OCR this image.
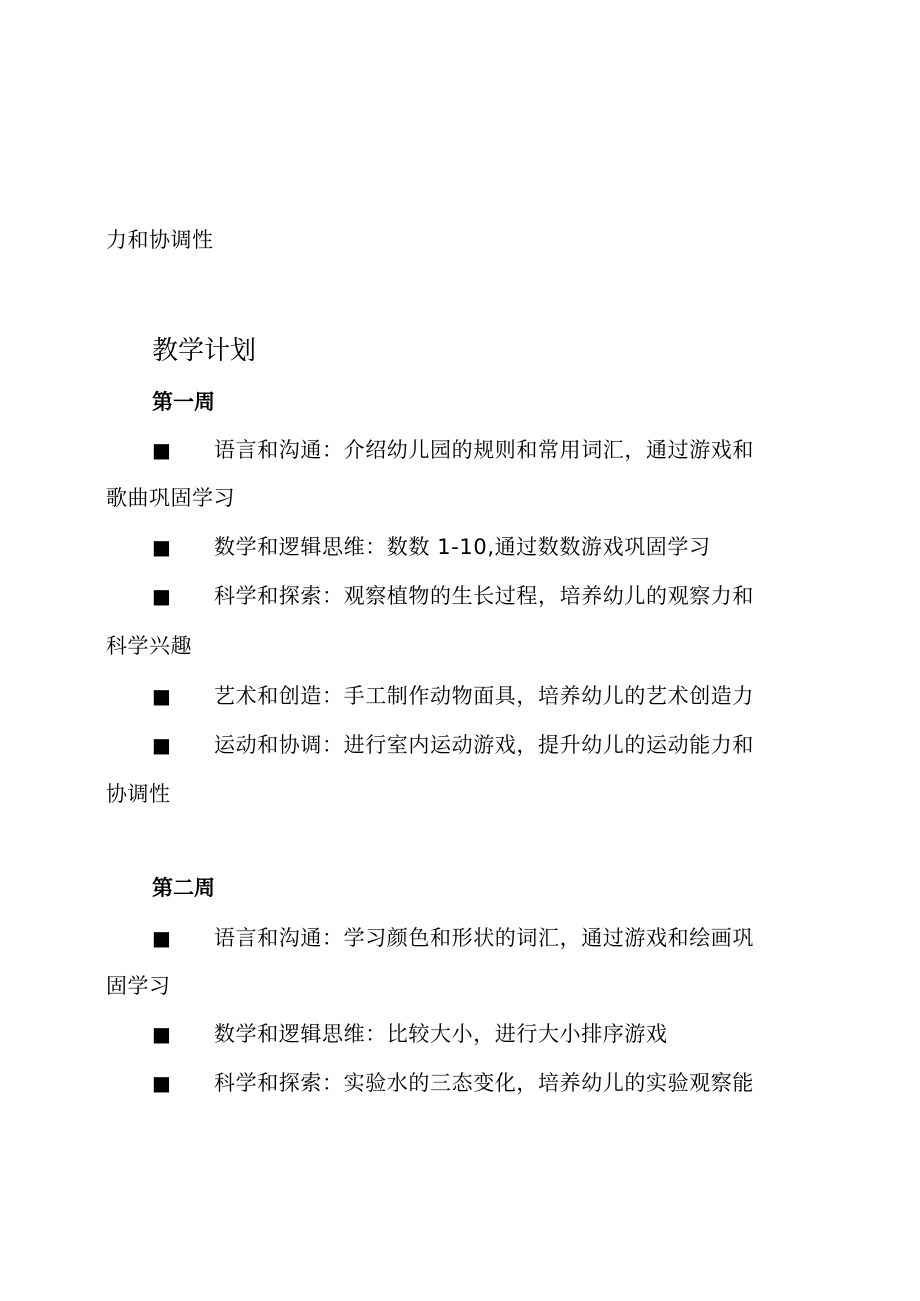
力和协调性
教学计划
第一周
■ 语言和沟通：介绍幼儿园的规则和常用词汇，通过游戏和
歌曲巩固学习
■ 数学和逻辑思维：数数 1-10,通过数数游戏巩固学习
■ 科学和探索：观察植物的生长过程，培养幼儿的观察力和
科学兴趣
■ 艺术和创造：手工制作动物面具，培养幼儿的艺术创造力
■ 运动和协调：进行室内运动游戏，提升幼儿的运动能力和
协调性
第二周
■ 语言和沟通：学习颜色和形状的词汇，通过游戏和绘画巩
固学习
■ 数学和逻辑思维：比较大小，进行大小排序游戏
■ 科学和探索：实验水的三态变化，培养幼儿的实验观察能
